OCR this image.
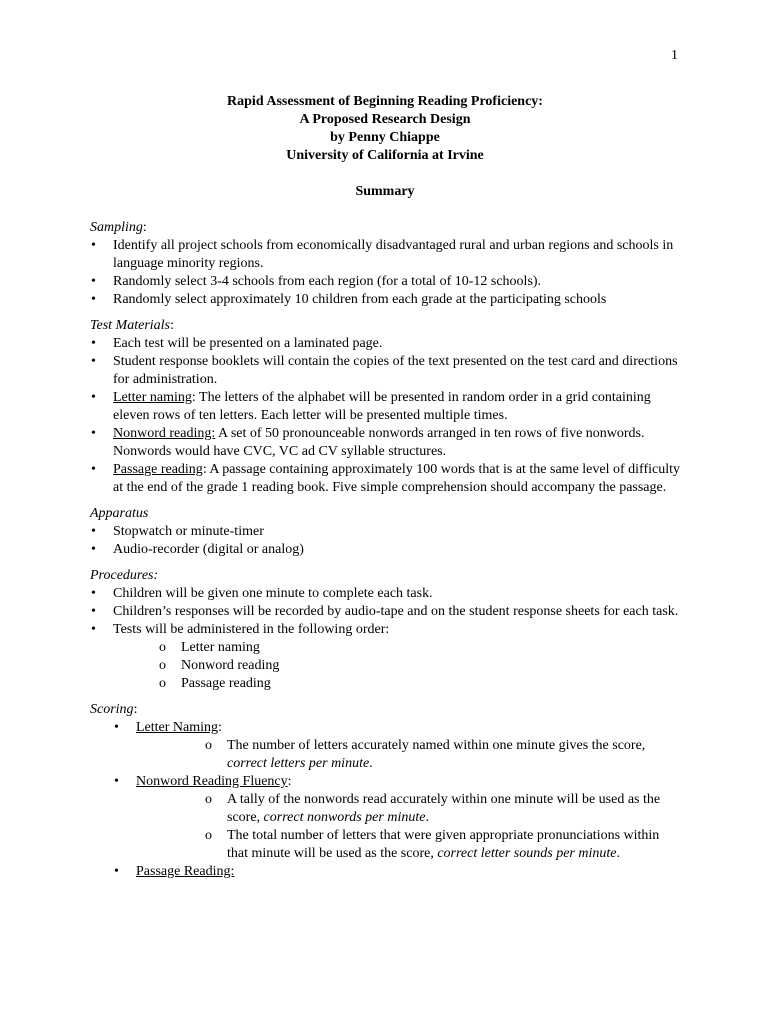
1
Rapid Assessment of Beginning Reading Proficiency:
A Proposed Research Design
by Penny Chiappe
University of California at Irvine
Summary
Sampling:
• Identify all project schools from economically disadvantaged rural and urban regions and schools in language minority regions.
• Randomly select 3-4 schools from each region (for a total of 10-12 schools).
• Randomly select approximately 10 children from each grade at the participating schools
Test Materials:
• Each test will be presented on a laminated page.
• Student response booklets will contain the copies of the text presented on the test card and directions for administration.
• Letter naming: The letters of the alphabet will be presented in random order in a grid containing eleven rows of ten letters. Each letter will be presented multiple times.
• Nonword reading: A set of 50 pronounceable nonwords arranged in ten rows of five nonwords. Nonwords would have CVC, VC ad CV syllable structures.
• Passage reading: A passage containing approximately 100 words that is at the same level of difficulty at the end of the grade 1 reading book. Five simple comprehension should accompany the passage.
Apparatus
• Stopwatch or minute-timer
• Audio-recorder (digital or analog)
Procedures:
• Children will be given one minute to complete each task.
• Children’s responses will be recorded by audio-tape and on the student response sheets for each task.
• Tests will be administered in the following order:
o Letter naming
o Nonword reading
o Passage reading
Scoring:
• Letter Naming:
o The number of letters accurately named within one minute gives the score, correct letters per minute.
• Nonword Reading Fluency:
o A tally of the nonwords read accurately within one minute will be used as the score, correct nonwords per minute.
o The total number of letters that were given appropriate pronunciations within that minute will be used as the score, correct letter sounds per minute.
• Passage Reading:
